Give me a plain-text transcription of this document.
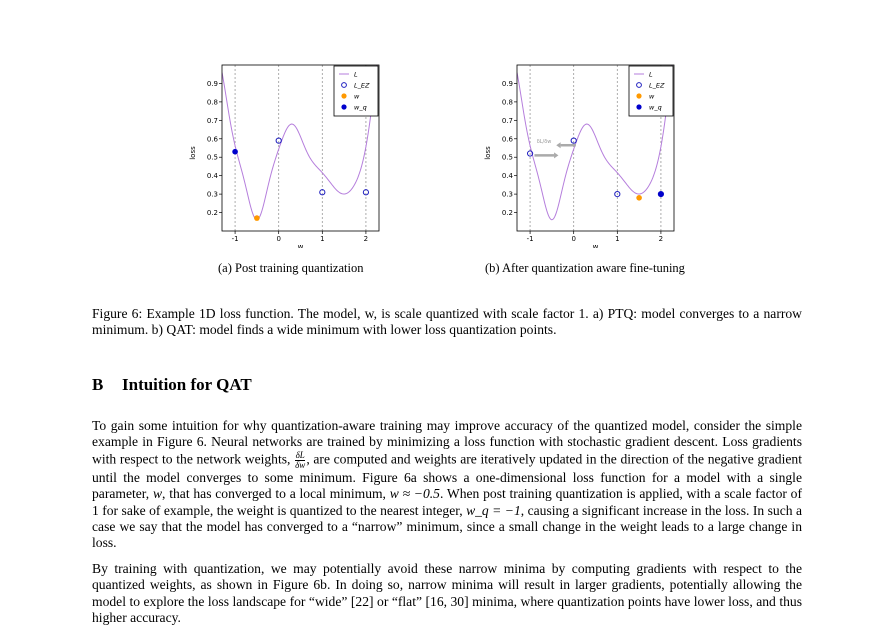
0.2
0.3
0.4
0.5
0.6
0.7
0.8
0.9
-1	0	1	2
w
loss
L
L_EZ
w
w_q
0.2
0.3
0.4
0.5
0.6
0.7
0.8
0.9
-1	0	1	2
w
loss
δL/δw
L
L_EZ
w
w_q
(a) Post training quantization	(b) After quantization aware fine-tuning
Figure 6: Example 1D loss function. The model, w, is scale quantized with scale factor 1. a) PTQ: model converges to a narrow minimum. b) QAT: model finds a wide minimum with lower loss quantization points.
B Intuition for QAT
To gain some intuition for why quantization-aware training may improve accuracy of the quantized model, consider the simple example in Figure 6. Neural networks are trained by minimizing a loss function with stochastic gradient descent. Loss gradients with respect to the network weights, $\frac{\delta L}{\delta w}$ , are computed and weights are iteratively updated in the direction of the negative gradient until the model converges to some minimum. Figure 6a shows a one-dimensional loss function for a model with a single parameter, w, that has converged to a local minimum, w ≈ −0.5. When post training quantization is applied, with a scale factor of 1 for sake of example, the weight is quantized to the nearest integer, w_q = −1, causing a significant increase in the loss. In such a case we say that the model has converged to a “narrow” minimum, since a small change in the weight leads to a large change in loss.
By training with quantization, we may potentially avoid these narrow minima by computing gradients with respect to the quantized weights, as shown in Figure 6b. In doing so, narrow minima will result in larger gradients, potentially allowing the model to explore the loss landscape for “wide” [22] or “flat” [16, 30] minima, where quantization points have lower loss, and thus higher accuracy.
